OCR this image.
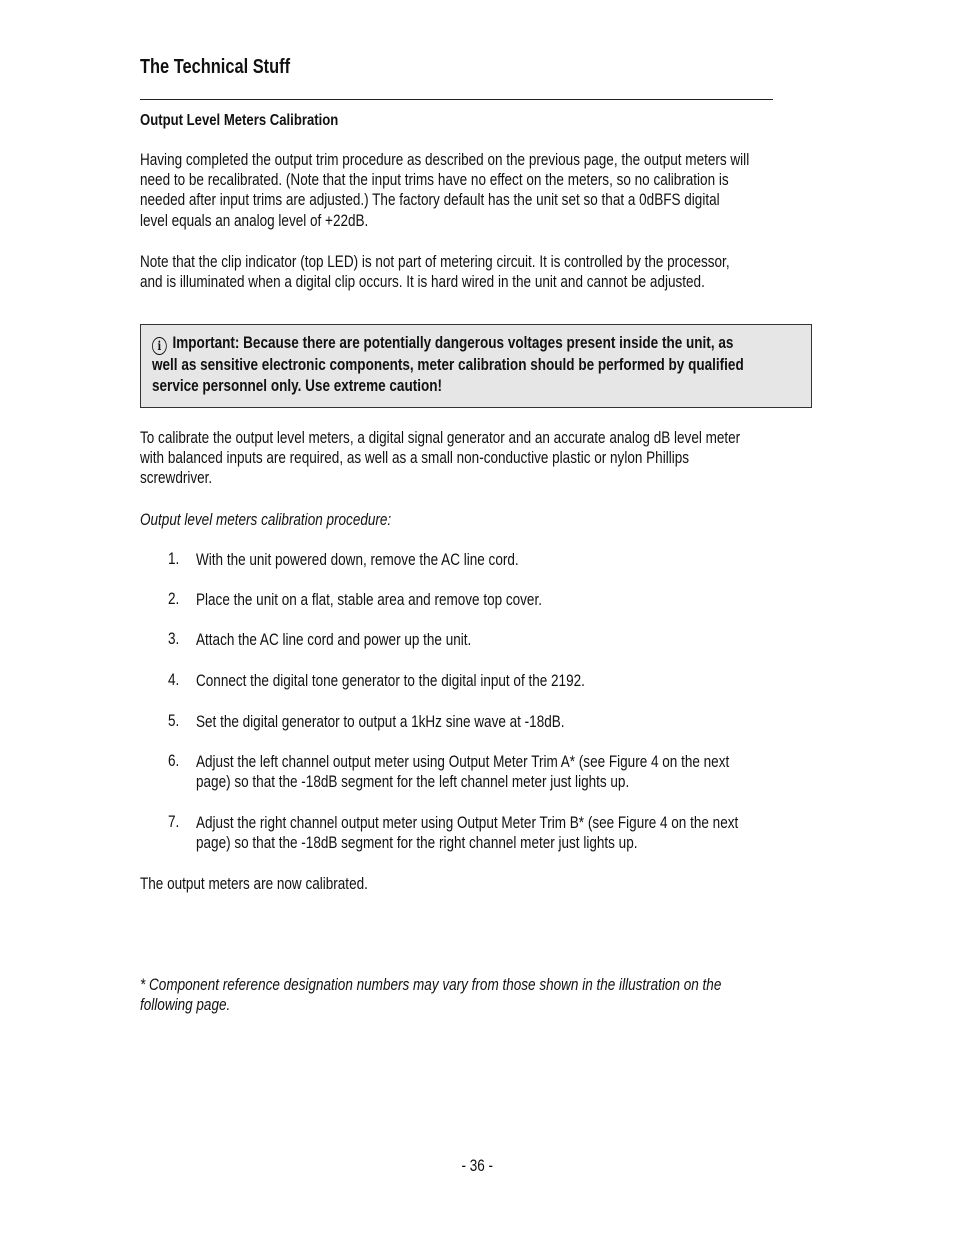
The Technical Stuff
Output Level Meters Calibration
Having completed the output trim procedure as described on the previous page, the output meters will
need to be recalibrated. (Note that the input trims have no effect on the meters, so no calibration is
needed after input trims are adjusted.) The factory default has the unit set so that a 0dBFS digital
level equals an analog level of +22dB.
Note that the clip indicator (top LED) is not part of metering circuit. It is controlled by the processor,
and is illuminated when a digital clip occurs. It is hard wired in the unit and cannot be adjusted.
i Important: Because there are potentially dangerous voltages present inside the unit, as
well as sensitive electronic components, meter calibration should be performed by qualified
service personnel only. Use extreme caution!
To calibrate the output level meters, a digital signal generator and an accurate analog dB level meter
with balanced inputs are required, as well as a small non-conductive plastic or nylon Phillips
screwdriver.
Output level meters calibration procedure:
1. With the unit powered down, remove the AC line cord.
2. Place the unit on a flat, stable area and remove top cover.
3. Attach the AC line cord and power up the unit.
4. Connect the digital tone generator to the digital input of the 2192.
5. Set the digital generator to output a 1kHz sine wave at -18dB.
6. Adjust the left channel output meter using Output Meter Trim A* (see Figure 4 on the next
page) so that the -18dB segment for the left channel meter just lights up.
7. Adjust the right channel output meter using Output Meter Trim B* (see Figure 4 on the next
page) so that the -18dB segment for the right channel meter just lights up.
The output meters are now calibrated.
* Component reference designation numbers may vary from those shown in the illustration on the
following page.
- 36 -
